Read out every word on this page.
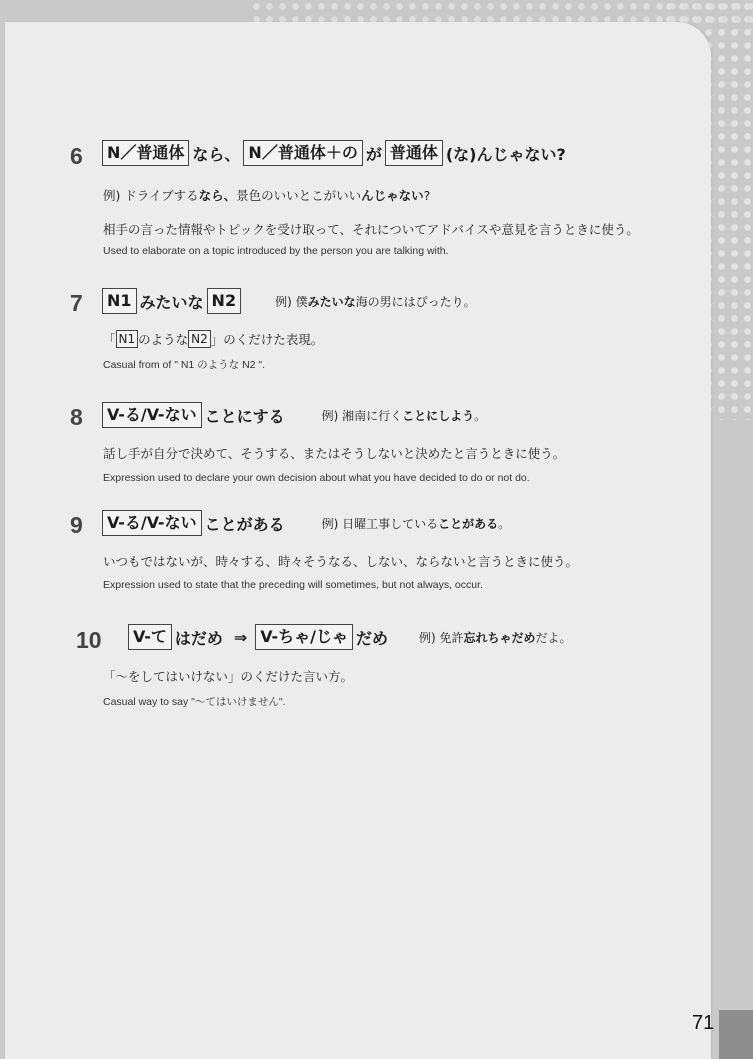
6	N／普通体 なら、 N／普通体＋の が 普通体 (な)んじゃない?
例) ドライブするなら、景色のいいとこがいいんじゃない?
相手の言った情報やトピックを受け取って、それについてアドバイスや意見を言うときに使う。
Used to elaborate on a topic introduced by the person you are talking with.
7	N1 みたいな N2	例) 僕みたいな海の男にはぴったり。
「 N1 のような N2 」のくだけた表現。
Casual from of " N1 のような N2 ".
8	V-る/V-ない ことにする	例) 湘南に行くことにしよう。
話し手が自分で決めて、そうする、またはそうしないと決めたと言うときに使う。
Expression used to declare your own decision about what you have decided to do or not do.
9	V-る/V-ない ことがある	例) 日曜工事していることがある。
いつもではないが、時々する、時々そうなる、しない、ならないと言うときに使う。
Expression used to state that the preceding will sometimes, but not always, occur.
10	V-て はだめ ⇒ V-ちゃ/じゃ だめ	例) 免許忘れちゃだめだよ。
「〜をしてはいけない」のくだけた言い方。
Casual way to say "〜てはいけません".
71
